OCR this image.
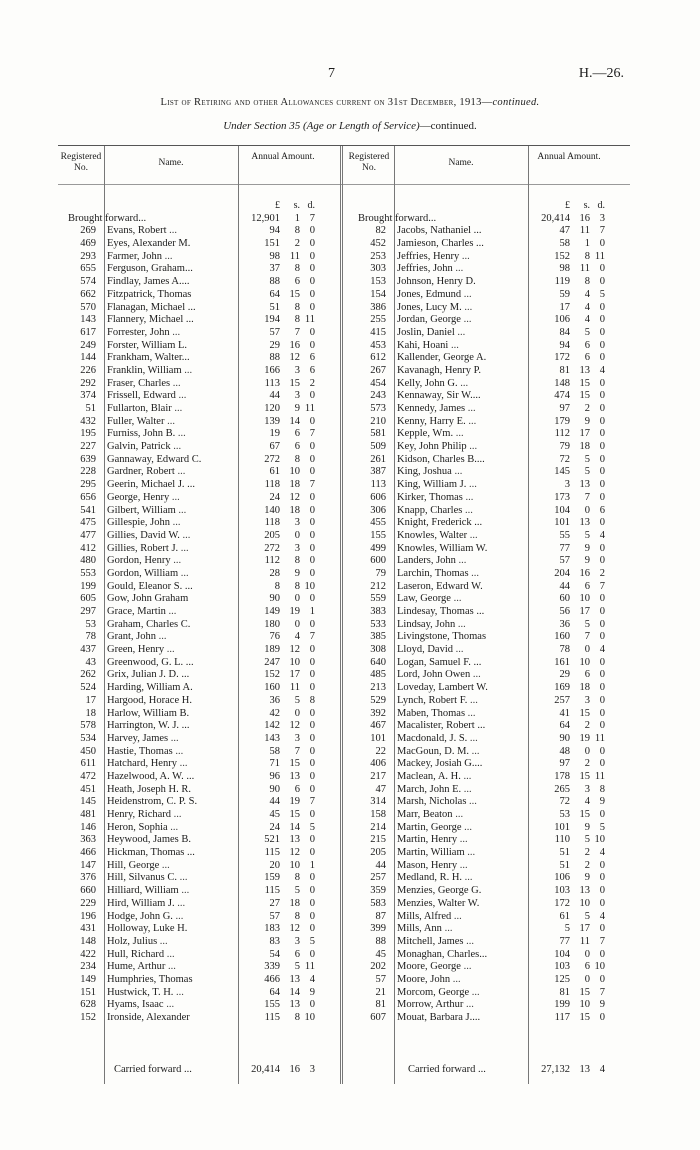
7	H.—26.
List of Retiring and other Allowances current on 31st December, 1913—continued.
Under Section 35 (Age or Length of Service)—continued.
Registered No.	Name.
Annual Amount.	Registered No.	Name.
Annual Amount.
£	s. d.
Brought forward...	12,901	1 7
269 Evans, Robert ...	94	8 0
469 Eyes, Alexander M.	151	2 0
293 Farmer, John ...	98 11 0
655 Ferguson, Graham...	37	8 0
574 Findlay, James A....	88	6 0
662 Fitzpatrick, Thomas	64 15 0
570 Flanagan, Michael ...	51	8 0
143 Flannery, Michael ...	194	8 11
617 Forrester, John ...	57	7 0
249 Forster, William L.	29 16 0
144 Frankham, Walter...	88 12 6
226 Franklin, William ...	166	3 6
292 Fraser, Charles ...	113 15 2
374 Frissell, Edward ...	44	3 0
51 Fullarton, Blair ...	120	9 11
432 Fuller, Walter ...	139 14 0
195 Furniss, John B. ...	19	6 7
227 Galvin, Patrick ...	67	6 0
639 Gannaway, Edward C.	272	8 0
228 Gardner, Robert ...	61 10 0
295 Geerin, Michael J. ...	118 18 7
656 George, Henry ...	24 12 0
541 Gilbert, William ...	140 18 0
475 Gillespie, John ...	118	3 0
477 Gillies, David W. ...	205	0 0
412 Gillies, Robert J. ...	272	3 0
480 Gordon, Henry ...	112	8 0
553 Gordon, William ...	28	9 0
199 Gould, Eleanor S. ...	8	8 10
605 Gow, John Graham	90	0 0
297 Grace, Martin ...	149 19 1
53 Graham, Charles C.	180	0 0
78 Grant, John ...	76	4 7
437 Green, Henry ...	189 12 0
43 Greenwood, G. L. ...	247 10 0
262 Grix, Julian J. D. ...	152 17 0
524 Harding, William A.	160 11 0
17 Hargood, Horace H.	36	5 8
18 Harlow, William B.	42	0 0
578 Harrington, W. J. ...	142 12 0
534 Harvey, James ...	143	3 0
450 Hastie, Thomas ...	58	7 0
611 Hatchard, Henry ...	71 15 0
472 Hazelwood, A. W. ...	96 13 0
451 Heath, Joseph H. R.	90	6 0
145 Heidenstrom, C. P. S.	44 19 7
481 Henry, Richard ...	45 15 0
146 Heron, Sophia ...	24 14 5
363 Heywood, James B.	521 13 0
466 Hickman, Thomas ...	115 12 0
147 Hill, George ...	20 10 1
376 Hill, Silvanus C. ...	159	8 0
660 Hilliard, William ...	115	5 0
229 Hird, William J. ...	27 18 0
196 Hodge, John G. ...	57	8 0
431 Holloway, Luke H.	183 12 0
148 Holz, Julius ...	83	3 5
422 Hull, Richard ...	54	6 0
234 Hume, Arthur ...	339	5 11
149 Humphries, Thomas	466 13 4
151 Hustwick, T. H. ...	64 14 9
628 Hyams, Isaac ...	155 13 0
152 Ironside, Alexander	115	8 10
Carried forward ...	20,414 16 3
£	s. d.
Brought forward...	20,414 16 3
82 Jacobs, Nathaniel ...	47 11 7
452 Jamieson, Charles ...	58	1 0
253 Jeffries, Henry ...	152	8 11
303 Jeffries, John ...	98 11 0
153 Johnson, Henry D.	119	8 0
154 Jones, Edmund ...	59	4 5
386 Jones, Lucy M. ...	17	4 0
255 Jordan, George ...	106	4 0
415 Joslin, Daniel ...	84	5 0
453 Kahi, Hoani ...	94	6 0
612 Kallender, George A.	172	6 0
267 Kavanagh, Henry P.	81 13 4
454 Kelly, John G. ...	148 15 0
243 Kennaway, Sir W....	474 15 0
573 Kennedy, James ...	97	2 0
210 Kenny, Harry E. ...	179	9 0
581 Kepple, Wm. ...	112 17 0
509 Key, John Philip ...	79 18 0
261 Kidson, Charles B....	72	5 0
387 King, Joshua ...	145	5 0
113 King, William J. ...	3 13 0
606 Kirker, Thomas ...	173	7 0
306 Knapp, Charles ...	104	0 6
455 Knight, Frederick ...	101 13 0
155 Knowles, Walter ...	55	5 4
499 Knowles, William W.	77	9 0
600 Landers, John ...	57	9 0
79 Larchin, Thomas ...	204 16 2
212 Laseron, Edward W.	44	6 7
559 Law, George ...	60 10 0
383 Lindesay, Thomas ...	56 17 0
533 Lindsay, John ...	36	5 0
385 Livingstone, Thomas	160	7 0
308 Lloyd, David ...	78	0 4
640 Logan, Samuel F. ...	161 10 0
485 Lord, John Owen ...	29	6 0
213 Loveday, Lambert W.	169 18 0
529 Lynch, Robert F. ...	257	3 0
392 Maben, Thomas ...	41 15 0
467 Macalister, Robert ...	64	2 0
101 Macdonald, J. S. ...	90 19 11
22 MacGoun, D. M. ...	48	0 0
406 Mackey, Josiah G....	97	2 0
217 Maclean, A. H. ...	178 15 11
47 March, John E. ...	265	3 8
314 Marsh, Nicholas ...	72	4 9
158 Marr, Beaton ...	53 15 0
214 Martin, George ...	101	9 5
215 Martin, Henry ...	110	5 10
205 Martin, William ...	51	2 4
44 Mason, Henry ...	51	2 0
257 Medland, R. H. ...	106	9 0
359 Menzies, George G.	103 13 0
583 Menzies, Walter W.	172 10 0
87 Mills, Alfred ...	61	5 4
399 Mills, Ann ...	5 17 0
88 Mitchell, James ...	77 11 7
45 Monaghan, Charles...	104	0 0
202 Moore, George ...	103	6 10
57 Moore, John ...	125	0 0
21 Morcom, George ...	81 15 7
81 Morrow, Arthur ...	199 10 9
607 Mouat, Barbara J....	117 15 0
Carried forward ...	27,132 13 4
